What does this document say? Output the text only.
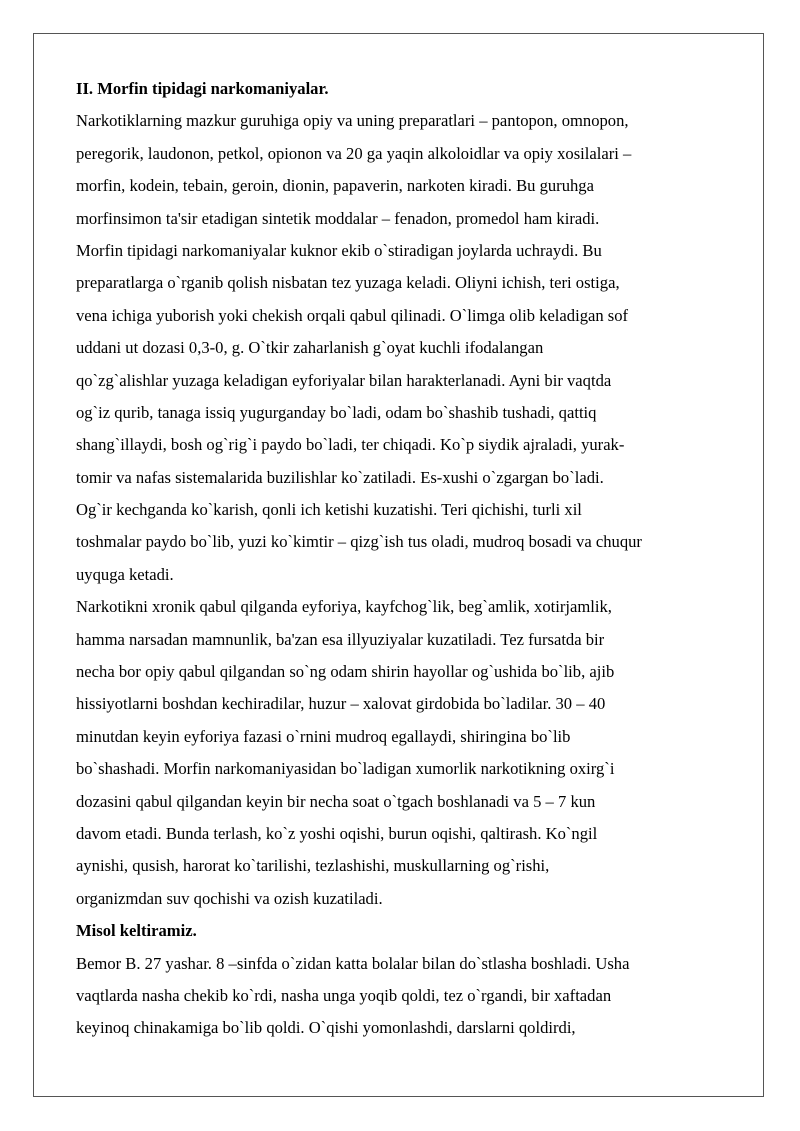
II. Morfin tipidagi narkomaniyalar.
Narkotiklarning mazkur guruhiga opiy va uning preparatlari – pantopon, omnopon,
peregorik, laudonon, petkol, opionon va 20 ga yaqin alkoloidlar va opiy xosilalari –
morfin, kodein, tebain, geroin, dionin, papaverin, narkoten kiradi. Bu guruhga
morfinsimon ta'sir etadigan sintetik moddalar – fenadon, promedol ham kiradi.
Morfin tipidagi narkomaniyalar kuknor ekib o`stiradigan joylarda uchraydi. Bu
preparatlarga o`rganib qolish nisbatan tez yuzaga keladi. Oliyni ichish, teri ostiga,
vena ichiga yuborish yoki chekish orqali qabul qilinadi. O`limga olib keladigan sof
uddani ut dozasi 0,3-0, g. O`tkir zaharlanish g`oyat kuchli ifodalangan
qo`zg`alishlar yuzaga keladigan eyforiyalar bilan harakterlanadi. Ayni bir vaqtda
og`iz qurib, tanaga issiq yugurganday bo`ladi, odam bo`shashib tushadi, qattiq
shang`illaydi, bosh og`rig`i paydo bo`ladi, ter chiqadi. Ko`p siydik ajraladi, yurak-
tomir va nafas sistemalarida buzilishlar ko`zatiladi. Es-xushi o`zgargan bo`ladi.
Og`ir kechganda ko`karish, qonli ich ketishi kuzatishi. Teri qichishi, turli xil
toshmalar paydo bo`lib, yuzi ko`kimtir – qizg`ish tus oladi, mudroq bosadi va chuqur
uyquga ketadi.
Narkotikni xronik qabul qilganda eyforiya, kayfchog`lik, beg`amlik, xotirjamlik,
hamma narsadan mamnunlik, ba'zan esa illyuziyalar kuzatiladi. Tez fursatda bir
necha bor opiy qabul qilgandan so`ng odam shirin hayollar og`ushida bo`lib, ajib
hissiyotlarni boshdan kechiradilar, huzur – xalovat girdobida bo`ladilar. 30 – 40
minutdan keyin eyforiya fazasi o`rnini mudroq egallaydi, shiringina bo`lib
bo`shashadi. Morfin narkomaniyasidan bo`ladigan xumorlik narkotikning oxirg`i
dozasini qabul qilgandan keyin bir necha soat o`tgach boshlanadi va 5 – 7 kun
davom etadi. Bunda terlash, ko`z yoshi oqishi, burun oqishi, qaltirash. Ko`ngil
aynishi, qusish, harorat ko`tarilishi, tezlashishi, muskullarning og`rishi,
organizmdan suv qochishi va ozish kuzatiladi.
Misol keltiramiz.
Bemor B. 27 yashar. 8 –sinfda o`zidan katta bolalar bilan do`stlasha boshladi. Usha
vaqtlarda nasha chekib ko`rdi, nasha unga yoqib qoldi, tez o`rgandi, bir xaftadan
keyinoq chinakamiga bo`lib qoldi. O`qishi yomonlashdi, darslarni qoldirdi,
